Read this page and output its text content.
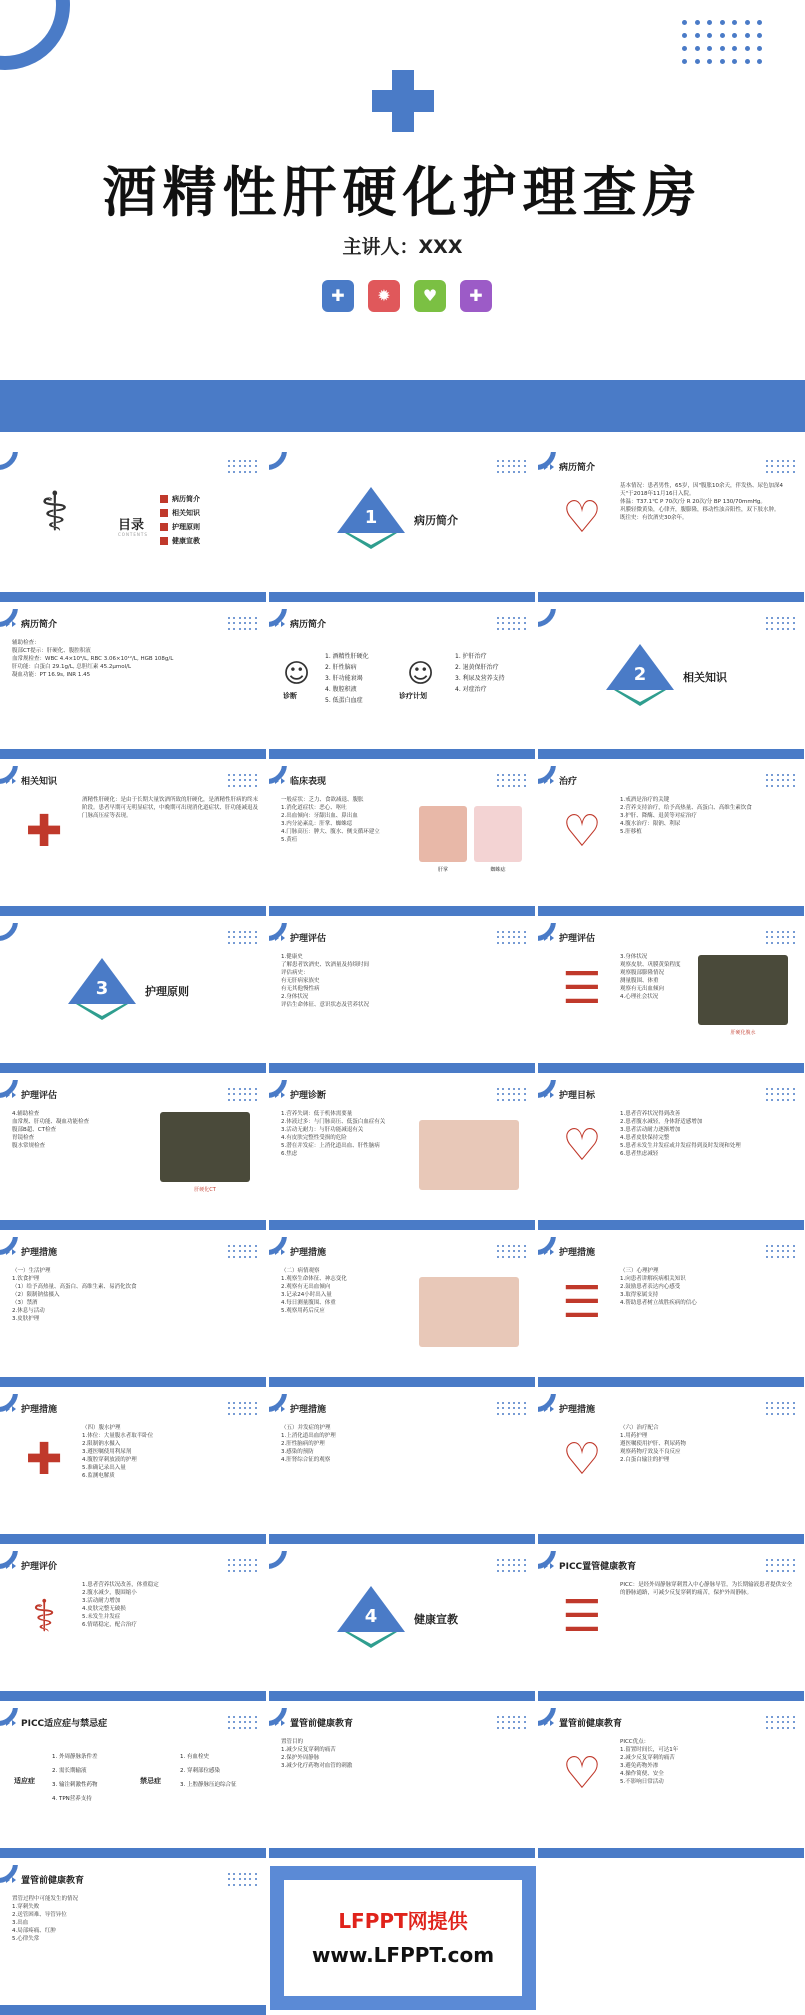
酒精性肝硬化护理查房
主讲人：XXX
✚	✹	♥	✚
⚕	目录
CONTENTS
病历简介
相关知识
护理原则
健康宣教
1	病历简介
病历简介
♡
基本情况：患者男性，65岁，因"腹胀10余天，伴发热、尿色加深4天"于2018年11月16日入院。
体温：T37.1℃ P 70次/分 R 20次/分 BP 130/70mmHg。
巩膜轻微黄染，心律齐，腹膨隆，移动性浊音阳性，双下肢水肿。
既往史：有饮酒史30余年。
病历简介
辅助检查：
腹部CT提示：肝硬化、腹腔积液
血常规检查：WBC 4.4×10⁹/L, RBC 3.06×10¹²/L, HGB 108g/L
肝功能：白蛋白 29.1g/L, 总胆红素 45.2μmol/L
凝血功能：PT 16.9s, INR 1.45
病历简介
☺
诊断
1. 酒精性肝硬化
2. 肝性脑病
3. 肝功能衰竭
4. 腹腔积液
5. 低蛋白血症
☺
诊疗计划
1. 护肝治疗
2. 退黄保肝治疗
3. 利尿及营养支持
4. 对症治疗
2	相关知识
相关知识
✚
酒精性肝硬化：是由于长期大量饮酒所致的肝硬化，是酒精性肝病的终末阶段。患者早期可无明显症状，中晚期可出现消化道症状、肝功能减退及门脉高压症等表现。
临床表现
肝掌	蜘蛛痣
一般症状：乏力、食欲减退、腹胀
1.消化道症状：恶心、呕吐
2.出血倾向：牙龈出血、鼻出血
3.内分泌紊乱：肝掌、蜘蛛痣
4.门脉高压：脾大、腹水、侧支循环建立
5.黄疸
治疗
♡
1.戒酒是治疗的关键
2.营养支持治疗，给予高热量、高蛋白、高维生素饮食
3.护肝、降酶、退黄等对症治疗
4.腹水治疗：限钠、利尿
5.肝移植
3	护理原则
护理评估
1.健康史
了解患者饮酒史、饮酒量及持续时间
评估病史：
有无肝病家族史
有无其他慢性病
2.身体状况
评估生命体征、意识状态及营养状况
护理评估
☰
肝硬化腹水
3.身体状况
观察皮肤、巩膜黄染程度
观察腹部膨隆情况
测量腹围、体重
观察有无出血倾向
4.心理社会状况
护理评估
肝硬化CT
4.辅助检查
血常规、肝功能、凝血功能检查
腹部B超、CT检查
胃镜检查
腹水常规检查
护理诊断
1.营养失调：低于机体需要量
2.体液过多：与门脉高压、低蛋白血症有关
3.活动无耐力：与肝功能减退有关
4.有皮肤完整性受损的危险
5.潜在并发症：上消化道出血、肝性脑病
6.焦虑
护理目标
♡
1.患者营养状况得到改善
2.患者腹水减轻，身体舒适感增加
3.患者活动耐力逐渐增加
4.患者皮肤保持完整
5.患者未发生并发症或并发症得到及时发现和处理
6.患者焦虑减轻
护理措施
（一）生活护理
1.饮食护理
（1）给予高热量、高蛋白、高维生素、易消化饮食
（2）限制钠盐摄入
（3）禁酒
2.休息与活动
3.皮肤护理
护理措施
（二）病情观察
1.观察生命体征、神志变化
2.观察有无出血倾向
3.记录24小时出入量
4.每日测量腹围、体重
5.观察用药后反应
护理措施
☰
（三）心理护理
1.向患者讲解疾病相关知识
2.鼓励患者表达内心感受
3.取得家属支持
4.帮助患者树立战胜疾病的信心
护理措施
✚
（四）腹水护理
1.体位：大量腹水者取半卧位
2.限制钠水摄入
3.遵医嘱使用利尿剂
4.腹腔穿刺放液的护理
5.准确记录出入量
6.监测电解质
护理措施
（五）并发症的护理
1.上消化道出血的护理
2.肝性脑病的护理
3.感染的预防
4.肝肾综合征的观察
护理措施
♡
（六）治疗配合
1.用药护理
遵医嘱使用护肝、利尿药物
观察药物疗效及不良反应
2.白蛋白输注的护理
护理评价
⚕
1.患者营养状况改善，体重稳定
2.腹水减少，腹围缩小
3.活动耐力增加
4.皮肤完整无破损
5.未发生并发症
6.情绪稳定，配合治疗	4	健康宣教
PICC置管健康教育
☰
PICC：是经外周静脉穿刺置入中心静脉导管，为长期输液患者提供安全的静脉通路，可减少反复穿刺的痛苦，保护外周静脉。
PICC适应症与禁忌症
适应症
1. 外周静脉条件差
2. 需长期输液
3. 输注刺激性药物
4. TPN营养支持
禁忌症
1. 有血栓史
2. 穿刺部位感染
3. 上腔静脉压迫综合征
置管前健康教育
置管目的
1.减少反复穿刺的痛苦
2.保护外周静脉
3.减少化疗药物对血管的刺激
置管前健康教育
♡
PICC优点：
1.留置时间长，可达1年
2.减少反复穿刺的痛苦
3.避免药物外渗
4.操作简便、安全
5.不影响日常活动
置管前健康教育
置管过程中可能发生的情况
1.穿刺失败
2.送管困难、导管异位
3.出血
4.局部疼痛、红肿
5.心律失常
LFPPT网提供
www.LFPPT.com
